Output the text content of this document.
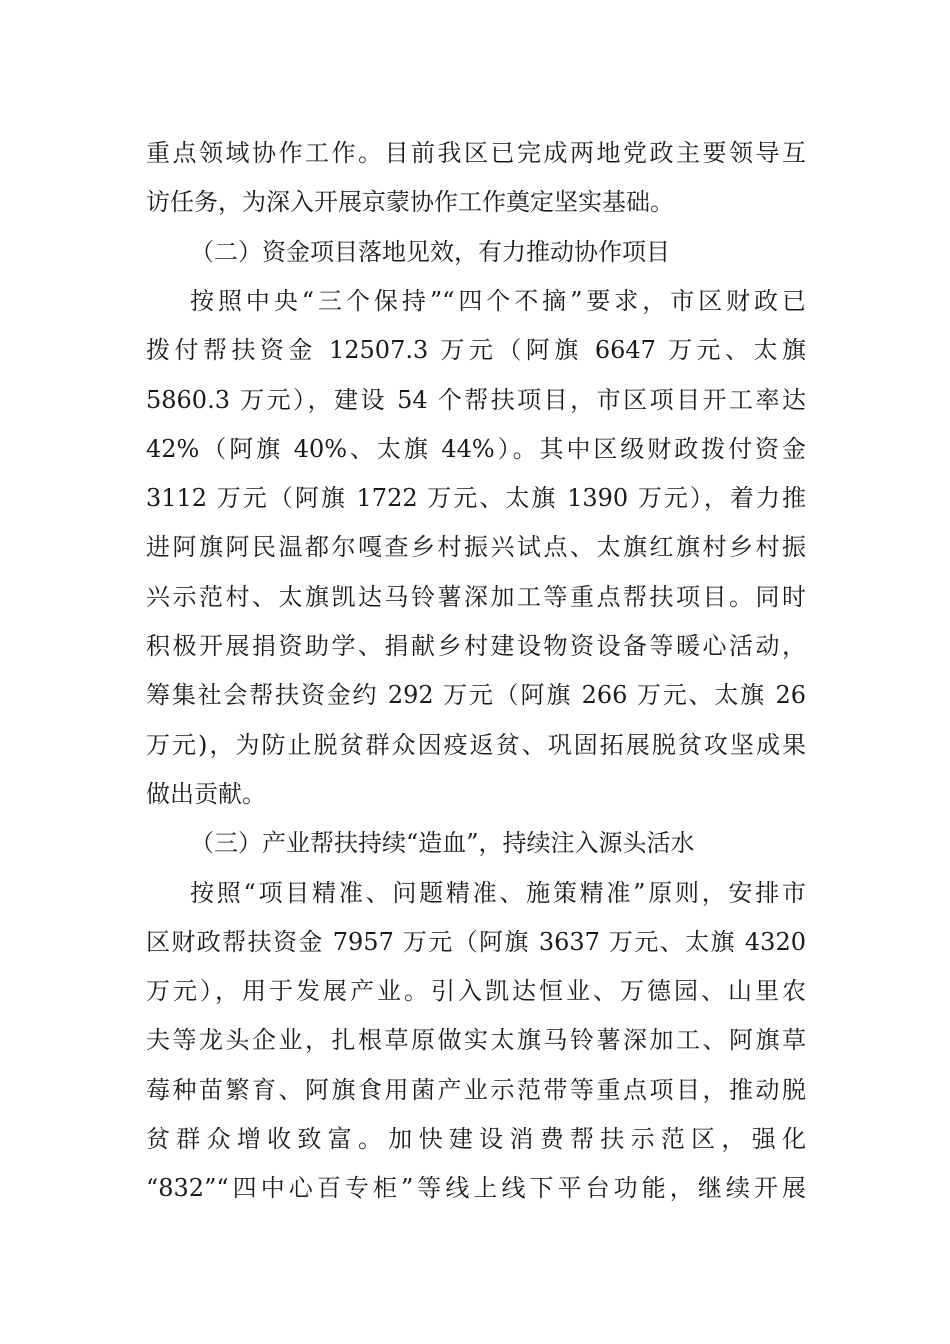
重点领域协作工作。目前我区已完成两地党政主要领导互
访任务，为深入开展京蒙协作工作奠定坚实基础。
（二）资金项目落地见效，有力推动协作项目
按照中央“三个保持”“四个不摘”要求，市区财政已
拨付帮扶资金 12507.3 万元（阿旗 6647 万元、太旗
5860.3 万元），建设 54 个帮扶项目，市区项目开工率达
42%（阿旗 40%、太旗 44%）。其中区级财政拨付资金
3112 万元（阿旗 1722 万元、太旗 1390 万元），着力推
进阿旗阿民温都尔嘎查乡村振兴试点、太旗红旗村乡村振
兴示范村、太旗凯达马铃薯深加工等重点帮扶项目。同时
积极开展捐资助学、捐献乡村建设物资设备等暖心活动，
筹集社会帮扶资金约 292 万元（阿旗 266 万元、太旗 26
万元)，为防止脱贫群众因疫返贫、巩固拓展脱贫攻坚成果
做出贡献。
（三）产业帮扶持续“造血”，持续注入源头活水
按照“项目精准、问题精准、施策精准”原则，安排市
区财政帮扶资金 7957 万元（阿旗 3637 万元、太旗 4320
万元），用于发展产业。引入凯达恒业、万德园、山里农
夫等龙头企业，扎根草原做实太旗马铃薯深加工、阿旗草
莓种苗繁育、阿旗食用菌产业示范带等重点项目，推动脱
贫群众增收致富。加快建设消费帮扶示范区，强化
“832”“四中心百专柜”等线上线下平台功能，继续开展
